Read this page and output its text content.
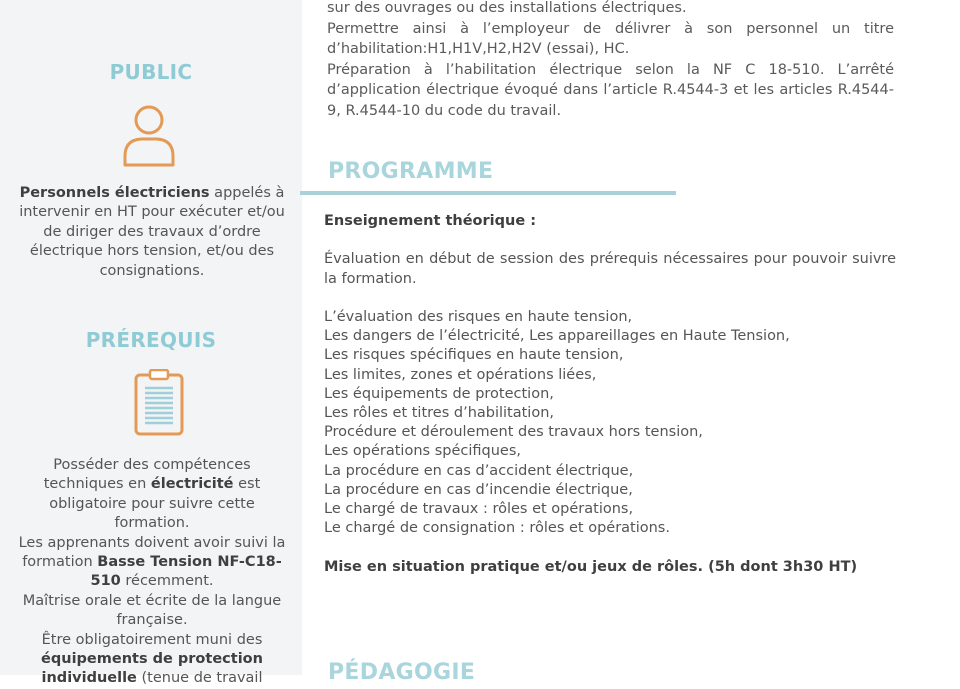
PUBLIC
Personnels électriciens appelés à intervenir en HT pour exécuter et/ou de diriger des travaux d’ordre électrique hors tension, et/ou des consignations.
PRÉREQUIS
Posséder des compétences techniques en électricité est obligatoire pour suivre cette formation.
Les apprenants doivent avoir suivi la formation Basse Tension NF-C18-510 récemment.
Maîtrise orale et écrite de la langue française.
Être obligatoirement muni des équipements de protection individuelle (tenue de travail

sur des ouvrages ou des installations électriques.

Permettre ainsi à l’employeur de délivrer à son personnel un titre d’habilitation:H1,H1V,H2,H2V (essai), HC.

Préparation à l’habilitation électrique selon la NF C 18-510. L’arrêté d’application électrique évoqué dans l’article R.4544-3 et les articles R.4544-9, R.4544-10 du code du travail.

PROGRAMME
Enseignement théorique :

Évaluation en début de session des prérequis nécessaires pour pouvoir suivre la formation.

L’évaluation des risques en haute tension,
Les dangers de l’électricité, Les appareillages en Haute Tension,
Les risques spécifiques en haute tension,
Les limites, zones et opérations liées,
Les équipements de protection,
Les rôles et titres d’habilitation,
Procédure et déroulement des travaux hors tension,
Les opérations spécifiques,
La procédure en cas d’accident électrique,
La procédure en cas d’incendie électrique,
Le chargé de travaux : rôles et opérations,
Le chargé de consignation : rôles et opérations.

Mise en situation pratique et/ou jeux de rôles. (5h dont 3h30 HT)
PÉDAGOGIE
